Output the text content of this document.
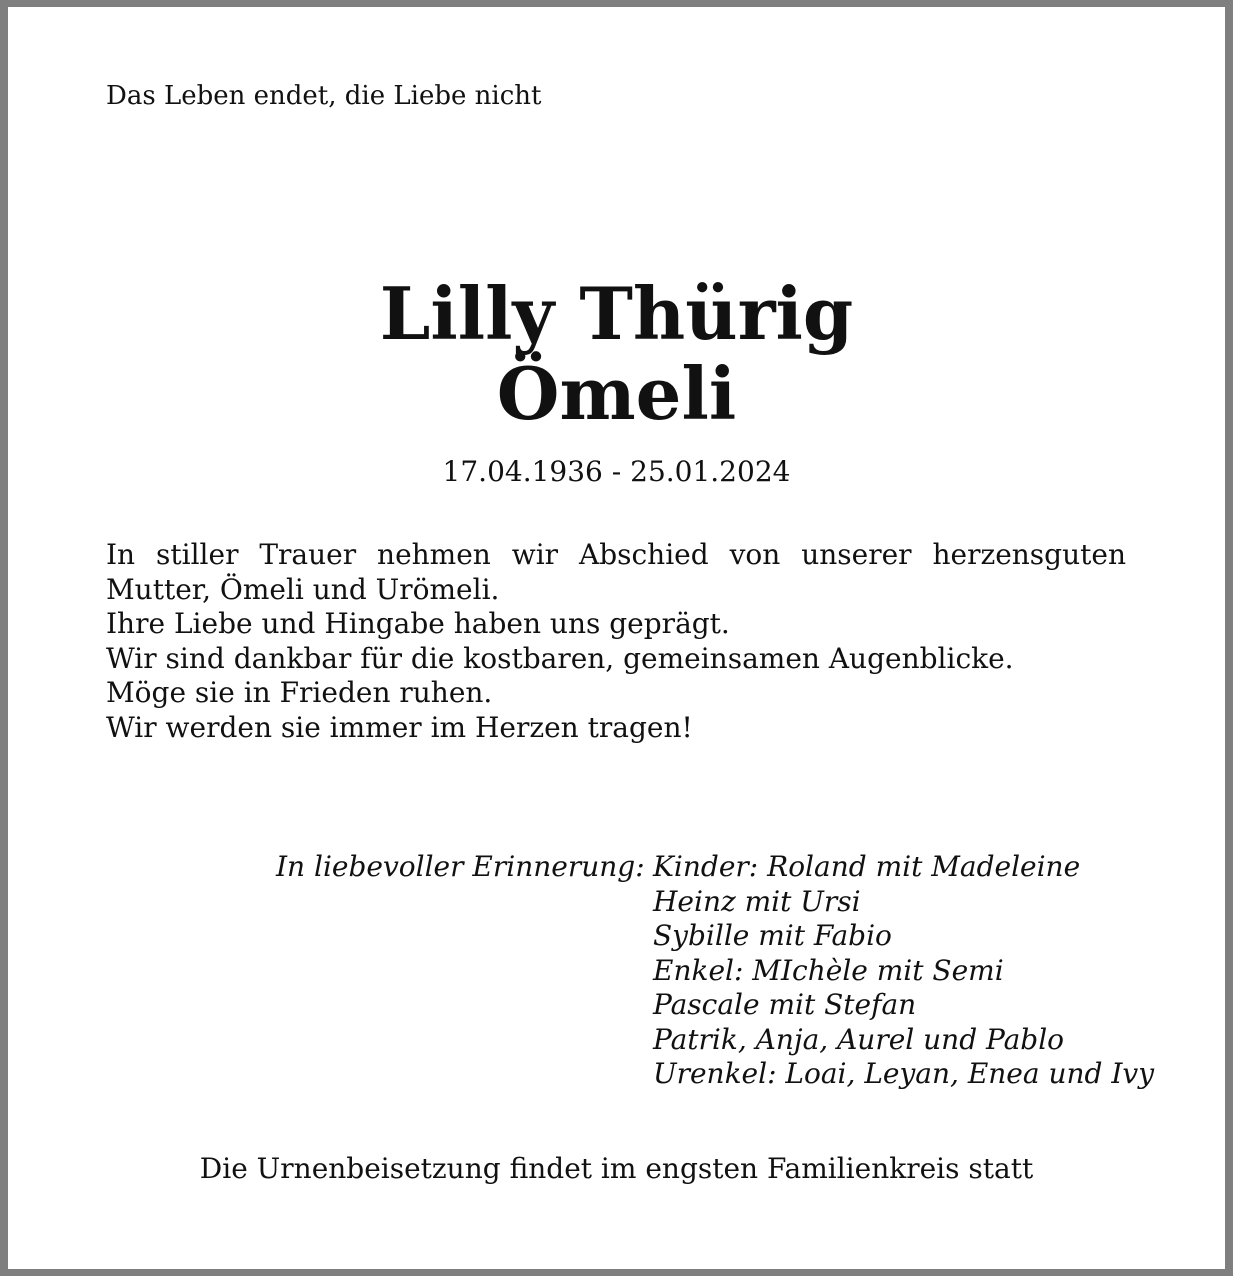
Das Leben endet, die Liebe nicht
Lilly Thürig
Ömeli
17.04.1936 - 25.01.2024
In stiller Trauer nehmen wir Abschied von unserer herzensguten
Mutter, Ömeli und Urömeli.
Ihre Liebe und Hingabe haben uns geprägt.
Wir sind dankbar für die kostbaren, gemeinsamen Augenblicke.
Möge sie in Frieden ruhen.
Wir werden sie immer im Herzen tragen!
In liebevoller Erinnerung: Kinder: Roland mit Madeleine
Heinz mit Ursi
Sybille mit Fabio
Enkel: MIchèle mit Semi
Pascale mit Stefan
Patrik, Anja, Aurel und Pablo
Urenkel: Loai, Leyan, Enea und Ivy
Die Urnenbeisetzung findet im engsten Familienkreis statt
